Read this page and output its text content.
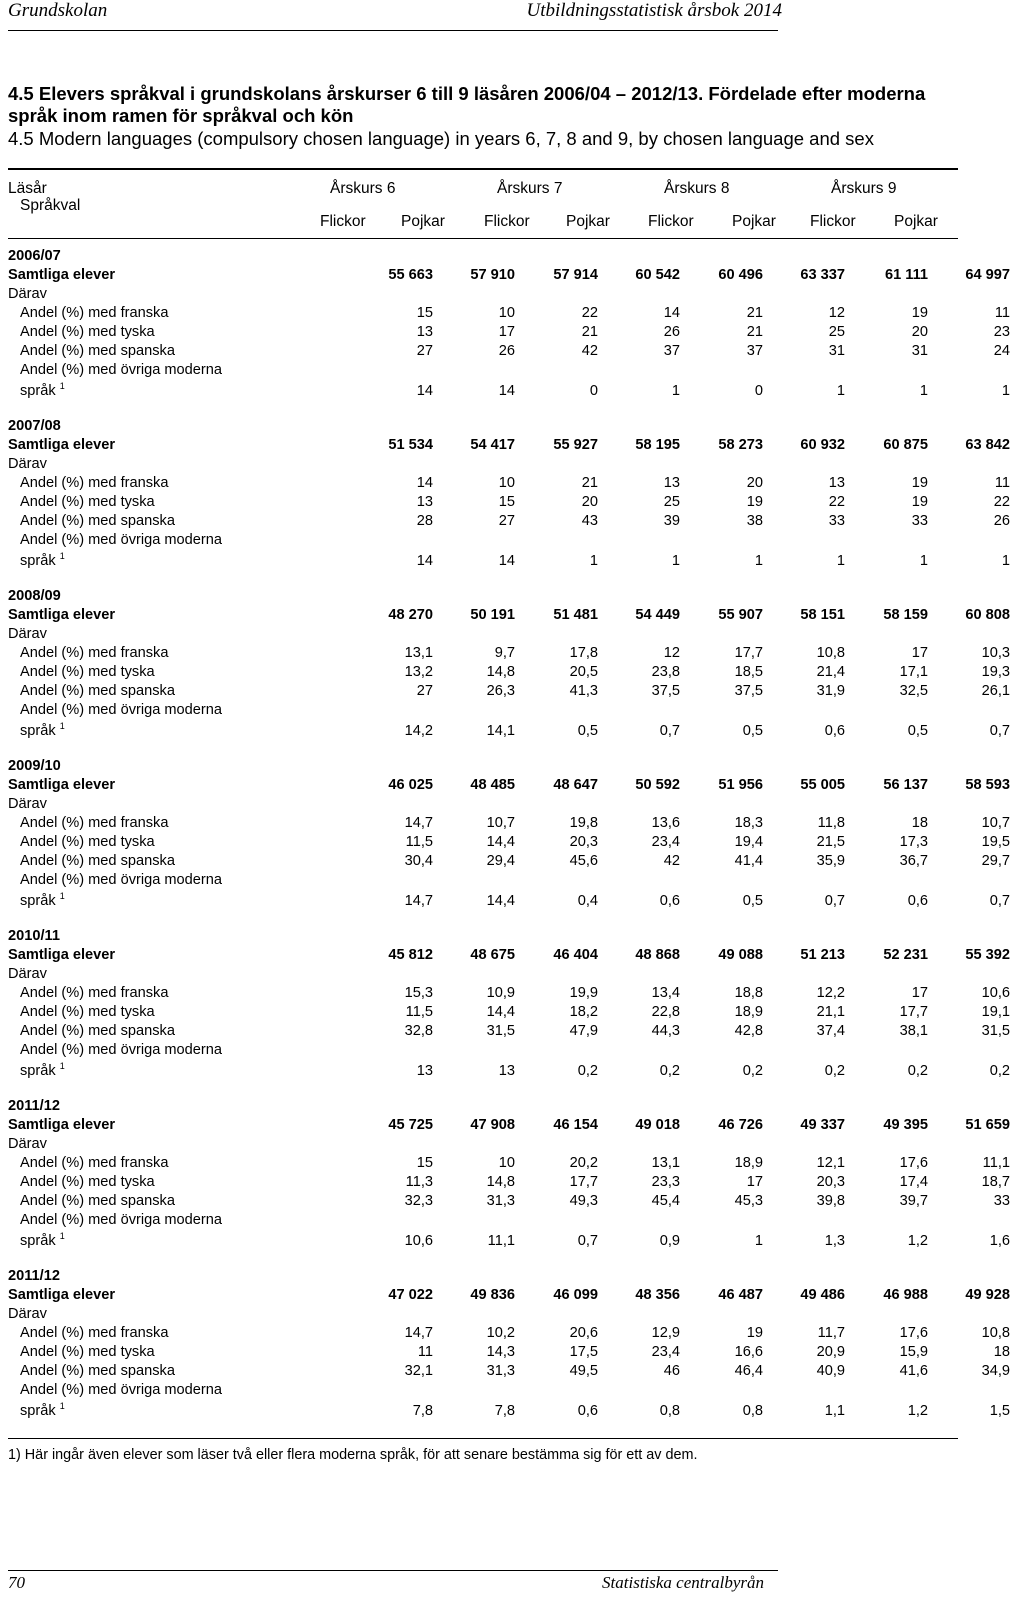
Grundskolan	Utbildningsstatistisk årsbok 2014
4.5 Elevers språkval i grundskolans årskurser 6 till 9 läsåren 2006/04 – 2012/13. Fördelade efter moderna språk inom ramen för språkval och kön
4.5 Modern languages (compulsory chosen language) in years 6, 7, 8 and 9, by chosen language and sex
Läsår
Språkval
Årskurs 6	Årskurs 7	Årskurs 8	Årskurs 9
Flickor Pojkar	Flickor Pojkar Flickor Pojkar Flickor Pojkar
2006/07
Samtliga elever	55 663	57 910	57 914	60 542	60 496	63 337	61 111	64 997
Därav
Andel (%) med franska	15	10	22	14	21	12	19	11
Andel (%) med tyska	13	17	21	26	21	25	20	23
Andel (%) med spanska	27	26	42	37	37	31	31	24
Andel (%) med övriga moderna
språk $^1$	14	14	0	1	0	1	1	1
2007/08
Samtliga elever	51 534	54 417	55 927	58 195	58 273	60 932	60 875	63 842
Därav
Andel (%) med franska	14	10	21	13	20	13	19	11
Andel (%) med tyska	13	15	20	25	19	22	19	22
Andel (%) med spanska	28	27	43	39	38	33	33	26
Andel (%) med övriga moderna
språk $^1$	14	14	1	1	1	1	1	1
2008/09
Samtliga elever	48 270	50 191	51 481	54 449	55 907	58 151	58 159	60 808
Därav
Andel (%) med franska	13,1	9,7	17,8	12	17,7	10,8	17	10,3
Andel (%) med tyska	13,2	14,8	20,5	23,8	18,5	21,4	17,1	19,3
Andel (%) med spanska	27	26,3	41,3	37,5	37,5	31,9	32,5	26,1
Andel (%) med övriga moderna
språk $^1$	14,2	14,1	0,5	0,7	0,5	0,6	0,5	0,7
2009/10
Samtliga elever	46 025	48 485	48 647	50 592	51 956	55 005	56 137	58 593
Därav
Andel (%) med franska	14,7	10,7	19,8	13,6	18,3	11,8	18	10,7
Andel (%) med tyska	11,5	14,4	20,3	23,4	19,4	21,5	17,3	19,5
Andel (%) med spanska	30,4	29,4	45,6	42	41,4	35,9	36,7	29,7
Andel (%) med övriga moderna
språk $^1$	14,7	14,4	0,4	0,6	0,5	0,7	0,6	0,7
2010/11
Samtliga elever	45 812	48 675	46 404	48 868	49 088	51 213	52 231	55 392
Därav
Andel (%) med franska	15,3	10,9	19,9	13,4	18,8	12,2	17	10,6
Andel (%) med tyska	11,5	14,4	18,2	22,8	18,9	21,1	17,7	19,1
Andel (%) med spanska	32,8	31,5	47,9	44,3	42,8	37,4	38,1	31,5
Andel (%) med övriga moderna
språk $^1$	13	13	0,2	0,2	0,2	0,2	0,2	0,2
2011/12
Samtliga elever	45 725	47 908	46 154	49 018	46 726	49 337	49 395	51 659
Därav
Andel (%) med franska	15	10	20,2	13,1	18,9	12,1	17,6	11,1
Andel (%) med tyska	11,3	14,8	17,7	23,3	17	20,3	17,4	18,7
Andel (%) med spanska	32,3	31,3	49,3	45,4	45,3	39,8	39,7	33
Andel (%) med övriga moderna
språk $^1$	10,6	11,1	0,7	0,9	1	1,3	1,2	1,6
2011/12
Samtliga elever	47 022	49 836	46 099	48 356	46 487	49 486	46 988	49 928
Därav
Andel (%) med franska	14,7	10,2	20,6	12,9	19	11,7	17,6	10,8
Andel (%) med tyska	11	14,3	17,5	23,4	16,6	20,9	15,9	18
Andel (%) med spanska	32,1	31,3	49,5	46	46,4	40,9	41,6	34,9
Andel (%) med övriga moderna
språk $^1$	7,8	7,8	0,6	0,8	0,8	1,1	1,2	1,5
1) Här ingår även elever som läser två eller flera moderna språk, för att senare bestämma sig för ett av dem.
70	Statistiska centralbyrån
